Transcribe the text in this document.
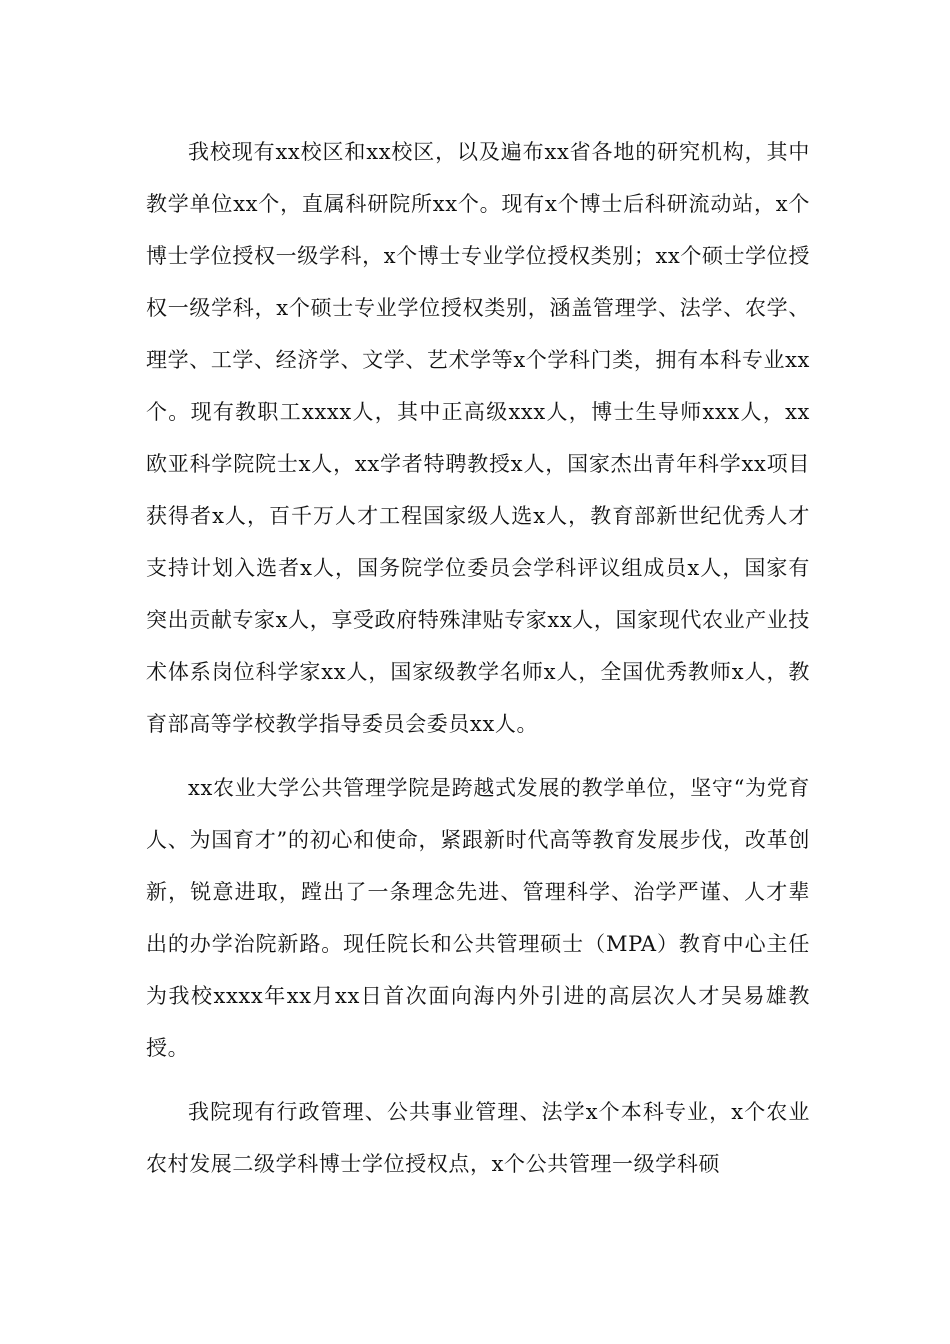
我校现有xx校区和xx校区，以及遍布xx省各地的研究机构，其中教学单位xx个，直属科研院所xx个。现有x个博士后科研流动站，x个博士学位授权一级学科，x个博士专业学位授权类别；xx个硕士学位授权一级学科，x个硕士专业学位授权类别，涵盖管理学、法学、农学、理学、工学、经济学、文学、艺术学等x个学科门类，拥有本科专业xx个。现有教职工xxxx人，其中正高级xxx人，博士生导师xxx人，xx欧亚科学院院士x人，xx学者特聘教授x人，国家杰出青年科学xx项目获得者x人，百千万人才工程国家级人选x人，教育部新世纪优秀人才支持计划入选者x人，国务院学位委员会学科评议组成员x人，国家有突出贡献专家x人，享受政府特殊津贴专家xx人，国家现代农业产业技术体系岗位科学家xx人，国家级教学名师x人，全国优秀教师x人，教育部高等学校教学指导委员会委员xx人。

xx农业大学公共管理学院是跨越式发展的教学单位，坚守“为党育人、为国育才”的初心和使命，紧跟新时代高等教育发展步伐，改革创新，锐意进取，蹚出了一条理念先进、管理科学、治学严谨、人才辈出的办学治院新路。现任院长和公共管理硕士（MPA）教育中心主任为我校xxxx年xx月xx日首次面向海内外引进的高层次人才吴易雄教授。

我院现有行政管理、公共事业管理、法学x个本科专业，x个农业农村发展二级学科博士学位授权点，x个公共管理一级学科硕
